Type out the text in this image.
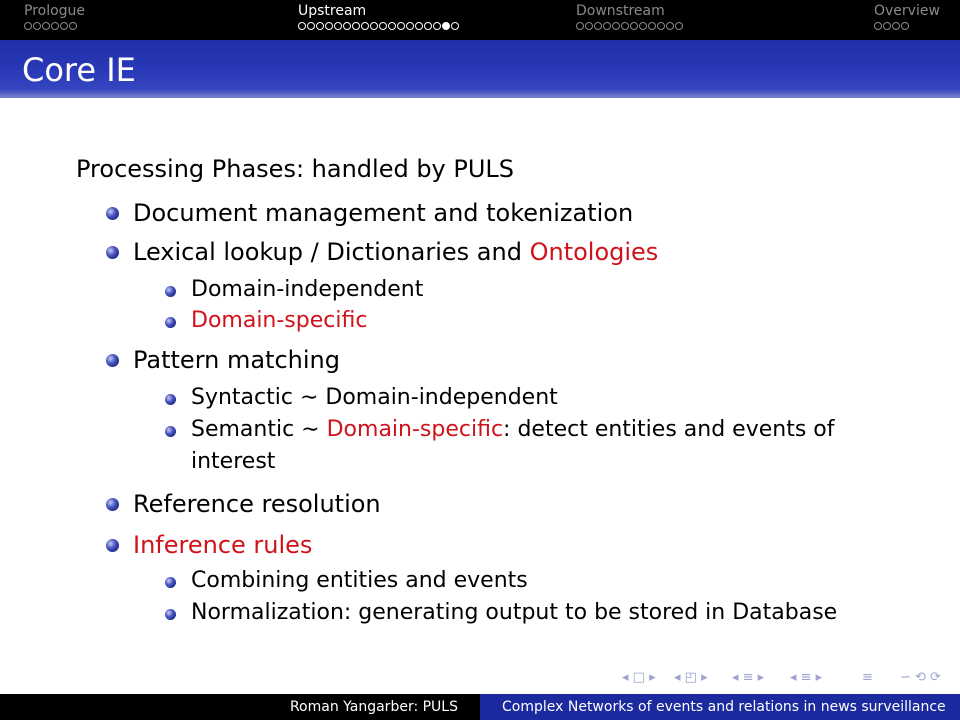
Prologue	Upstream	Downstream	Overview
Core IE
Processing Phases: handled by PULS
Document management and tokenization
Lexical lookup / Dictionaries and Ontologies
Domain-independent
Domain-specific
Pattern matching
Syntactic ∼ Domain-independent
Semantic ∼ Domain-specific: detect entities and events of interest
Reference resolution
Inference rules
Combining entities and events
Normalization: generating output to be stored in Database
◂ □ ▸ ◂ ◰ ▸ ◂ ≡ ▸ ◂ ≡ ▸	≡ ∽ ⟲ ⟳
Roman Yangarber: PULS	Complex Networks of events and relations in news surveillance
